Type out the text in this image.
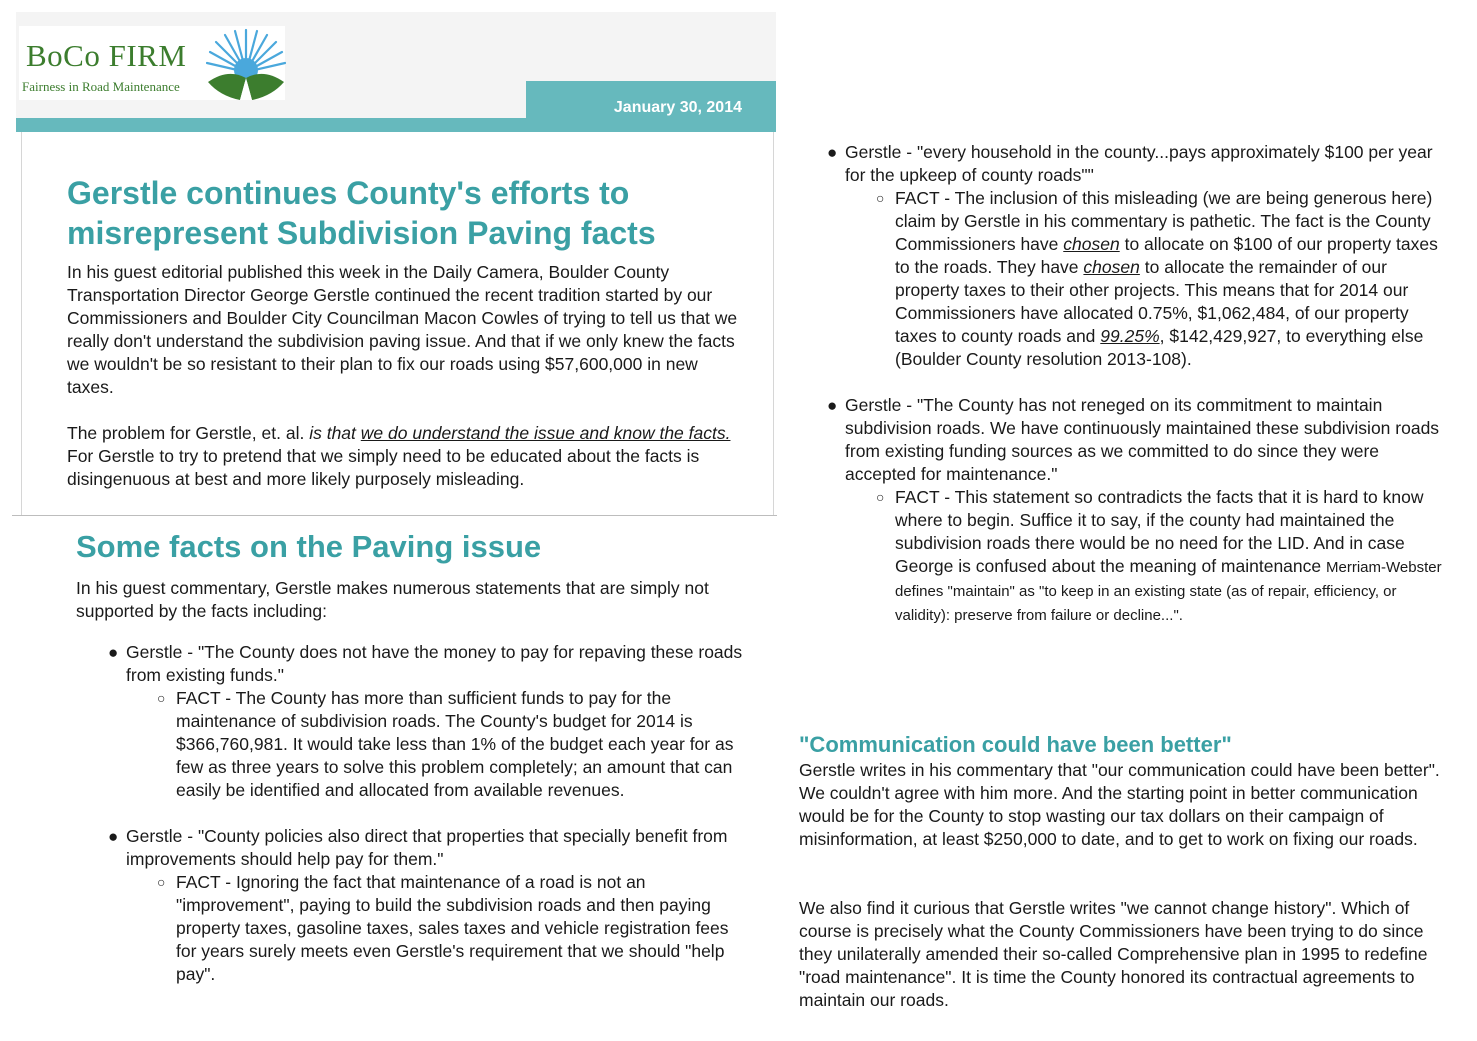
BoCo FIRM
Fairness in Road Maintenance
January 30, 2014
Gerstle continues County's efforts to misrepresent Subdivision Paving facts

In his guest editorial published this week in the Daily Camera, Boulder County Transportation Director George Gerstle continued the recent tradition started by our Commissioners and Boulder City Councilman Macon Cowles of trying to tell us that we really don't understand the subdivision paving issue. And that if we only knew the facts we wouldn't be so resistant to their plan to fix our roads using $57,600,000 in new taxes.

The problem for Gerstle, et. al. is that we do understand the issue and know the facts.  For Gerstle to try to pretend that we simply need to be educated about the facts is disingenuous at best and more likely purposely misleading.

Some facts on the Paving issue

In his guest commentary, Gerstle makes numerous statements that are simply not supported by the facts including:

● Gerstle - "The County does not have the money to pay for repaving these roads from existing funds."
○ FACT - The County has more than sufficient funds to pay for the maintenance of subdivision roads. The County's budget for 2014 is $366,760,981. It would take less than 1% of the budget each year for as few as three years to solve this problem completely; an amount that can easily be identified and allocated from available revenues.
● Gerstle - "County policies also direct that properties that specially benefit from improvements should help pay for them."
○ FACT - Ignoring the fact that maintenance of a road is not an "improvement", paying to build the subdivision roads and then paying property taxes, gasoline taxes, sales taxes and vehicle registration fees for years surely meets even Gerstle's requirement that we should "help pay".
● Gerstle - "every household in the county...pays approximately $100 per year for the upkeep of county roads""
○ FACT - The inclusion of this misleading (we are being generous here) claim by Gerstle in his commentary is pathetic. The fact is the County Commissioners have chosen to allocate on $100 of our property taxes to the roads. They have chosen to allocate the remainder of our property taxes to their other projects. This means that for 2014 our Commissioners have allocated 0.75%, $1,062,484, of our property taxes to county roads and 99.25%, $142,429,927, to everything else (Boulder County resolution 2013-108).
● Gerstle - "The County has not reneged on its commitment to maintain subdivision roads. We have continuously maintained these subdivision roads from existing funding sources as we committed to do since they were accepted for maintenance."
○ FACT - This statement so contradicts the facts that it is hard to know where to begin. Suffice it to say, if the county had maintained the subdivision roads there would be no need for the LID. And in case George is confused about the meaning of maintenance Merriam-Webster defines "maintain" as "to keep in an existing state (as of repair, efficiency, or validity): preserve from failure or decline...".
"Communication could have been better"

Gerstle writes in his commentary that "our communication could have been better". We couldn't agree with him more. And the starting point in better communication would be for the County to stop wasting our tax dollars on their campaign of misinformation, at least $250,000 to date, and to get to work on fixing our roads.

We also find it curious that Gerstle writes "we cannot change history". Which of course is precisely what the County Commissioners have been trying to do since they unilaterally amended their so-called Comprehensive plan in 1995 to redefine "road maintenance". It is time the County honored its contractual agreements to maintain our roads.
